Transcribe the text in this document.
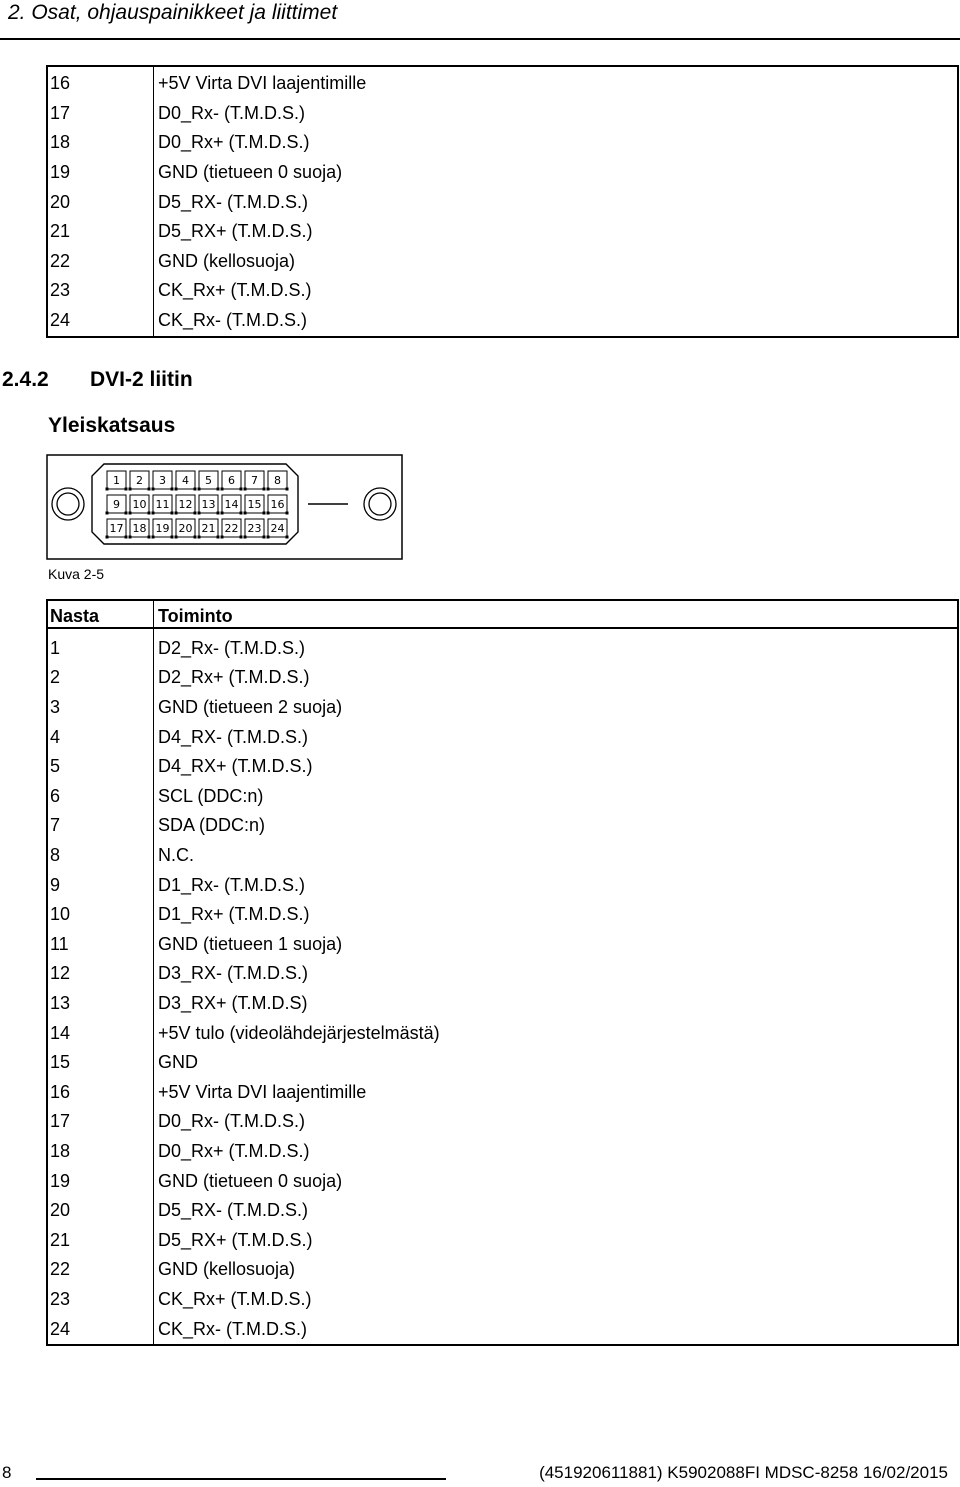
2. Osat, ohjauspainikkeet ja liittimet
16	+5V Virta DVI laajentimille
17	D0_Rx- (T.M.D.S.)
18	D0_Rx+ (T.M.D.S.)
19	GND (tietueen 0 suoja)
20	D5_RX- (T.M.D.S.)
21	D5_RX+ (T.M.D.S.)
22	GND (kellosuoja)
23	CK_Rx+ (T.M.D.S.)
24	CK_Rx- (T.M.D.S.)
2.4.2 DVI-2 liitin
Yleiskatsaus
1 2 3 4 5 6 7 8
9 10 11 12 13 14 15 16
17 18 19 20 21 22 23 24
Kuva 2-5
Nasta	Toiminto
1	D2_Rx- (T.M.D.S.)
2	D2_Rx+ (T.M.D.S.)
3	GND (tietueen 2 suoja)
4	D4_RX- (T.M.D.S.)
5	D4_RX+ (T.M.D.S.)
6	SCL (DDC:n)
7	SDA (DDC:n)
8	N.C.
9	D1_Rx- (T.M.D.S.)
10	D1_Rx+ (T.M.D.S.)
11	GND (tietueen 1 suoja)
12	D3_RX- (T.M.D.S.)
13	D3_RX+ (T.M.D.S)
14	+5V tulo (videolähdejärjestelmästä)
15	GND
16	+5V Virta DVI laajentimille
17	D0_Rx- (T.M.D.S.)
18	D0_Rx+ (T.M.D.S.)
19	GND (tietueen 0 suoja)
20	D5_RX- (T.M.D.S.)
21	D5_RX+ (T.M.D.S.)
22	GND (kellosuoja)
23	CK_Rx+ (T.M.D.S.)
24	CK_Rx- (T.M.D.S.)
8	(451920611881) K5902088FI MDSC-8258 16/02/2015
